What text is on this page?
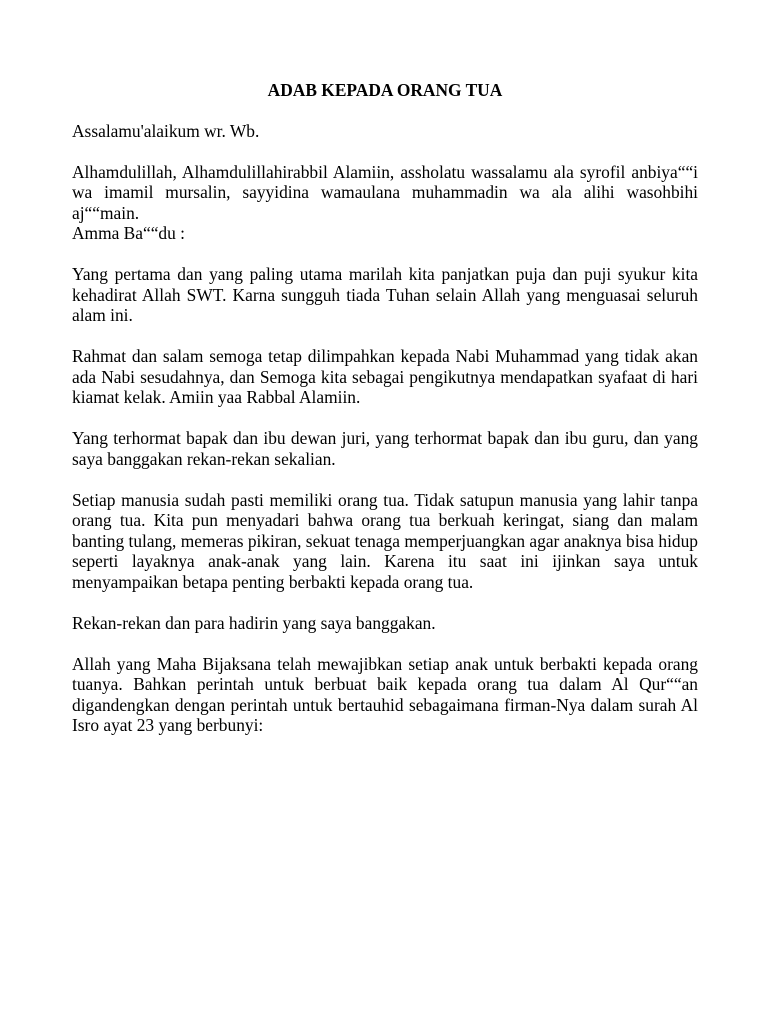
ADAB KEPADA ORANG TUA
Assalamu'alaikum wr. Wb.
Alhamdulillah, Alhamdulillahirabbil Alamiin, assholatu wassalamu ala syrofil anbiya““i wa imamil mursalin, sayyidina wamaulana muhammadin wa ala alihi wasohbihi aj““main.
Amma Ba““du :
Yang pertama dan yang paling utama marilah kita panjatkan puja dan puji syukur kita kehadirat Allah SWT. Karna sungguh tiada Tuhan selain Allah yang menguasai seluruh alam ini.
Rahmat dan salam semoga tetap dilimpahkan kepada Nabi Muhammad yang tidak akan ada Nabi sesudahnya, dan Semoga kita sebagai pengikutnya mendapatkan syafaat di hari kiamat kelak. Amiin yaa Rabbal Alamiin.
Yang terhormat bapak dan ibu dewan juri, yang terhormat bapak dan ibu guru, dan yang saya banggakan rekan-rekan sekalian.
Setiap manusia sudah pasti memiliki orang tua. Tidak satupun manusia yang lahir tanpa orang tua. Kita pun menyadari bahwa orang tua berkuah keringat, siang dan malam banting tulang, memeras pikiran, sekuat tenaga memperjuangkan agar anaknya bisa hidup seperti layaknya anak-anak yang lain. Karena itu saat ini ijinkan saya untuk menyampaikan betapa penting berbakti kepada orang tua.
Rekan-rekan dan para hadirin yang saya banggakan.
Allah yang Maha Bijaksana telah mewajibkan setiap anak untuk berbakti kepada orang tuanya. Bahkan perintah untuk berbuat baik kepada orang tua dalam Al Qur““an digandengkan dengan perintah untuk bertauhid sebagaimana firman-Nya dalam surah Al Isro ayat 23 yang berbunyi:
